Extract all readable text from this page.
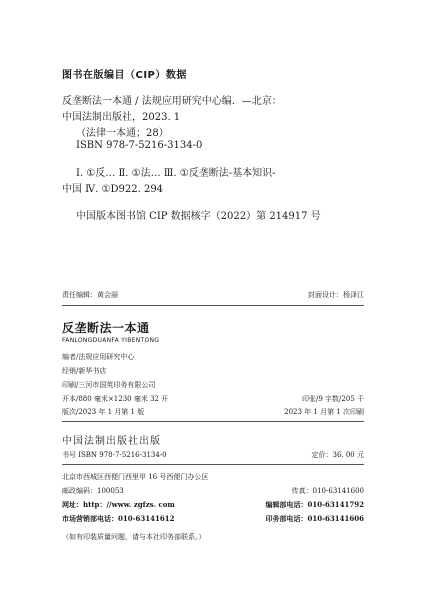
图书在版编目（CIP）数据
反垄断法一本通 / 法规应用研究中心编．—北京：
中国法制出版社，2023. 1
（法律一本通；28）
ISBN 978-7-5216-3134-0
Ⅰ. ①反… Ⅱ. ①法… Ⅲ. ①反垄断法-基本知识-
中国 Ⅳ. ①D922. 294
中国版本图书馆 CIP 数据核字（2022）第 214917 号
责任编辑：黄会丽	封面设计：杨泽江
反垄断法一本通
FANLONGDUANFA YIBENTONG
编者/法规应用研究中心
经销/新华书店
印刷/三河市国英印务有限公司
开本/880 毫米×1230 毫米 32 开	印张/9 字数/205 千
版次/2023 年 1 月第 1 版	2023 年 1 月第 1 次印刷
中国法制出版社出版
书号 ISBN 978-7-5216-3134-0	定价：36. 00 元
北京市西城区西便门西里甲 16 号西便门办公区
邮政编码：100053	传真：010-63141600
网址：http：//www. zgfzs. com	编辑部电话：010-63141792
市场营销部电话：010-63141612	印务部电话：010-63141606
（如有印装质量问题，请与本社印务部联系。）
